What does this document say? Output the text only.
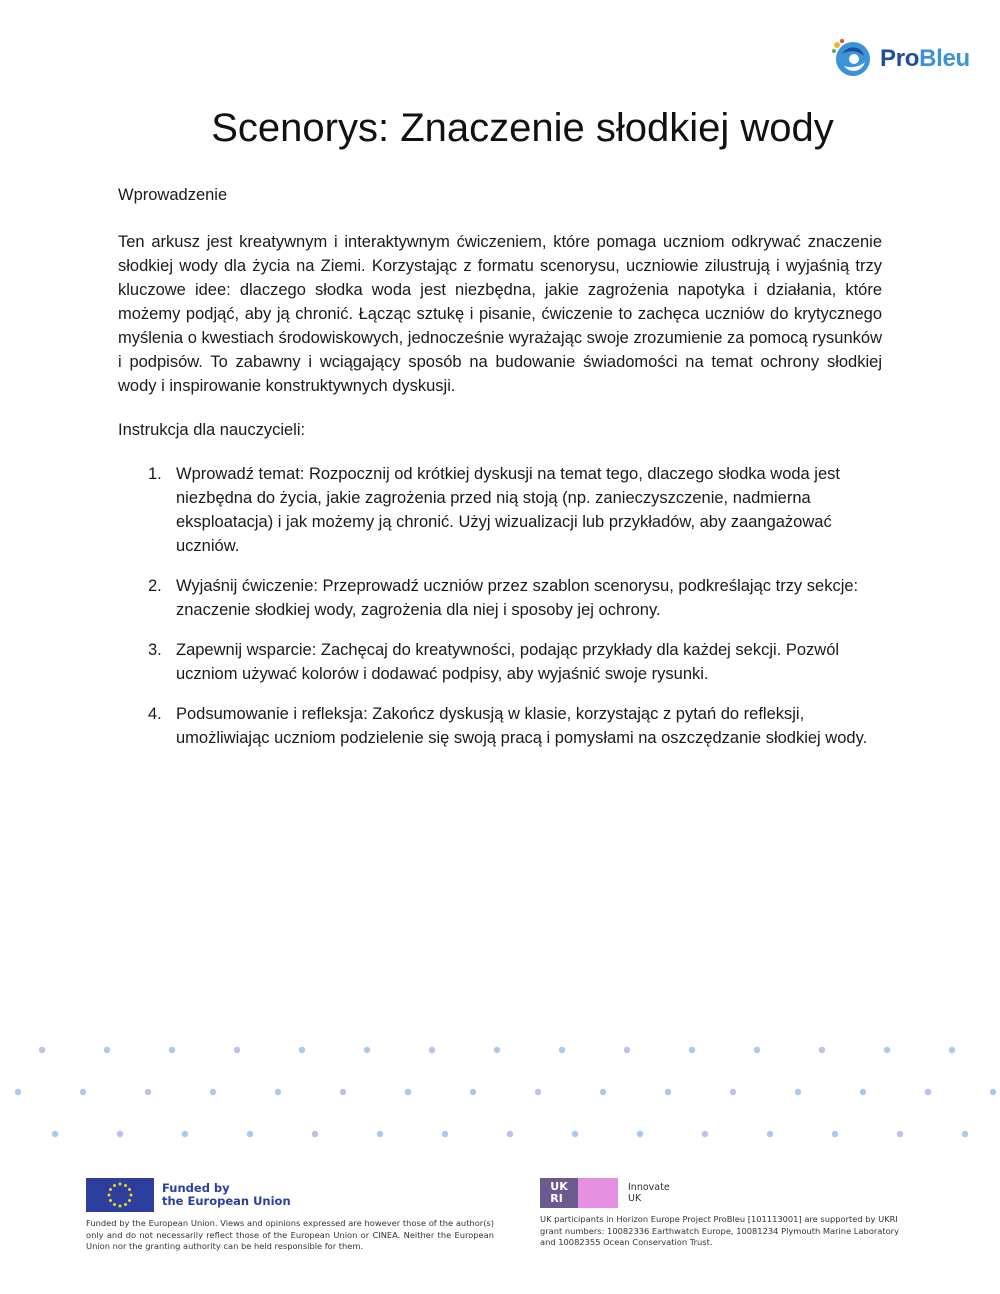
ProBleu
Scenorys: Znaczenie słodkiej wody

Wprowadzenie

Ten arkusz jest kreatywnym i interaktywnym ćwiczeniem, które pomaga uczniom odkrywać znaczenie słodkiej wody dla życia na Ziemi. Korzystając z formatu scenorysu, uczniowie zilustrują i wyjaśnią trzy kluczowe idee: dlaczego słodka woda jest niezbędna, jakie zagrożenia napotyka i działania, które możemy podjąć, aby ją chronić. Łącząc sztukę i pisanie, ćwiczenie to zachęca uczniów do krytycznego myślenia o kwestiach środowiskowych, jednocześnie wyrażając swoje zrozumienie za pomocą rysunków i podpisów. To zabawny i wciągający sposób na budowanie świadomości na temat ochrony słodkiej wody i inspirowanie konstruktywnych dyskusji.

Instrukcja dla nauczycieli:

1. Wprowadź temat: Rozpocznij od krótkiej dyskusji na temat tego, dlaczego słodka woda jest niezbędna do życia, jakie zagrożenia przed nią stoją (np. zanieczyszczenie, nadmierna eksploatacja) i jak możemy ją chronić. Użyj wizualizacji lub przykładów, aby zaangażować uczniów.
2. Wyjaśnij ćwiczenie: Przeprowadź uczniów przez szablon scenorysu, podkreślając trzy sekcje: znaczenie słodkiej wody, zagrożenia dla niej i sposoby jej ochrony.
3. Zapewnij wsparcie: Zachęcaj do kreatywności, podając przykłady dla każdej sekcji. Pozwól uczniom używać kolorów i dodawać podpisy, aby wyjaśnić swoje rysunki.
4. Podsumowanie i refleksja: Zakończ dyskusją w klasie, korzystając z pytań do refleksji, umożliwiając uczniom podzielenie się swoją pracą i pomysłami na oszczędzanie słodkiej wody.
Funded by
the European Union
Funded by the European Union. Views and opinions expressed are however those of the author(s) only and do not necessarily reflect those of the European Union or CINEA. Neither the European Union nor the granting authority can be held responsible for them.
UK
RI
Innovate
UK
UK participants in Horizon Europe Project ProBleu [101113001] are supported by UKRI grant numbers: 10082336 Earthwatch Europe, 10081234 Plymouth Marine Laboratory and 10082355 Ocean Conservation Trust.
